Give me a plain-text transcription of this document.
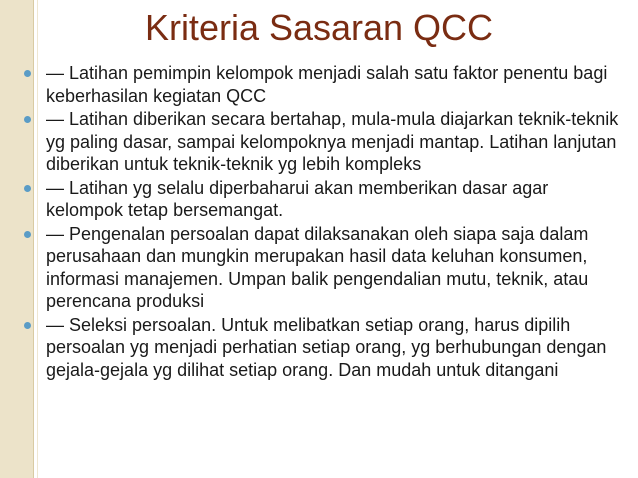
Kriteria Sasaran QCC
— Latihan pemimpin kelompok menjadi salah satu faktor penentu bagi keberhasilan kegiatan QCC
— Latihan diberikan secara bertahap, mula-mula diajarkan teknik-teknik yg paling dasar, sampai kelompoknya menjadi mantap. Latihan lanjutan diberikan untuk teknik-teknik yg lebih kompleks
— Latihan yg selalu diperbaharui akan memberikan dasar agar kelompok tetap bersemangat.
— Pengenalan persoalan dapat dilaksanakan oleh siapa saja dalam perusahaan dan mungkin merupakan hasil data keluhan konsumen, informasi manajemen. Umpan balik pengendalian mutu, teknik, atau perencana produksi
— Seleksi persoalan. Untuk melibatkan setiap orang, harus dipilih persoalan yg menjadi perhatian setiap orang, yg berhubungan dengan gejala-gejala yg dilihat setiap orang. Dan mudah untuk ditangani
